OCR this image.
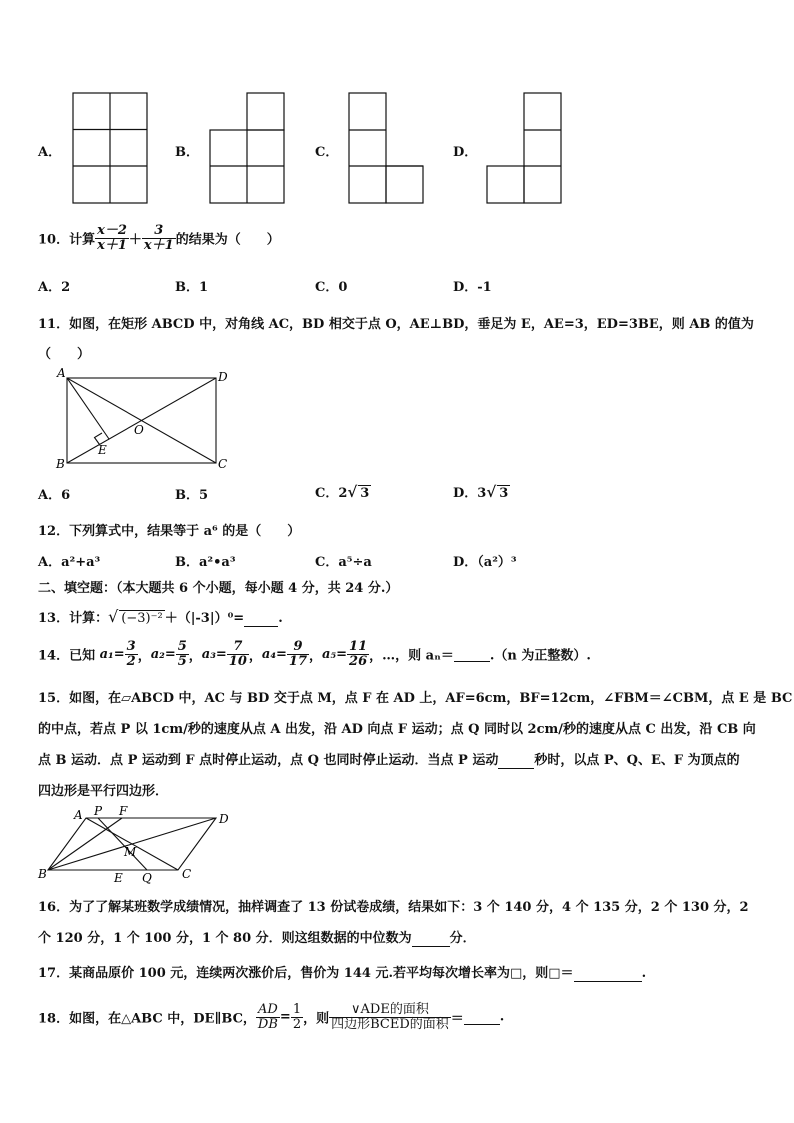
A．	B．	C．	D．
10．计算 $\frac{x-2}{x+1} + \frac{3}{x+1}$ 的结果为（　　）
A．2	B．1	C．0	D．-1
11．如图，在矩形 ABCD 中，对角线 AC，BD 相交于点 O，AE⊥BD，垂足为 E，AE=3，ED=3BE，则 AB 的值为
（　　）
A
B	C
D
O
E
A．6	B．5	C．2√ 3	D．3√ 3
12．下列算式中，结果等于 a⁶ 的是（　　）
A．a²+a³	B．a²•a³	C．a⁵÷a	D．（a²）³
二、填空题：（本大题共 6 个小题，每小题 4 分，共 24 分.）
13．计算：√ (−3)⁻² ＋（|-3|）⁰=	.
14．已知 $a_1= \frac{3}{2}$ ，$a_2= \frac{5}{5}$ ，$a_3= \frac{7}{10}$ ，$a_4= \frac{9}{17}$ ，$a_5= \frac{11}{26}$ ，…，则 aₙ＝	.（n 为正整数）.
15．如图，在▱ABCD 中，AC 与 BD 交于点 M，点 F 在 AD 上，AF=6cm，BF=12cm，∠FBM＝∠CBM，点 E 是 BC
的中点，若点 P 以 1cm/秒的速度从点 A 出发，沿 AD 向点 F 运动；点 Q 同时以 2cm/秒的速度从点 C 出发，沿 CB 向
点 B 运动．点 P 运动到 F 点时停止运动，点 Q 也同时停止运动．当点 P 运动	秒时，以点 P、Q、E、F 为顶点的
四边形是平行四边形．
A P F
D
B
M
E Q	C
16．为了了解某班数学成绩情况，抽样调查了 13 份试卷成绩，结果如下：3 个 140 分，4 个 135 分，2 个 130 分，2
个 120 分，1 个 100 分，1 个 80 分．则这组数据的中位数为	分．
17．某商品原价 100 元，连续两次涨价后，售价为 144 元.若平均每次增长率为□，则□＝	.
18．如图，在△ABC 中，DE∥BC， $\frac{AD}{DB} = \frac{1}{2}$ ，则 $\frac{\text{∨ADE的面积}}{\text{四边形BCED的面积}}$ ＝	.
